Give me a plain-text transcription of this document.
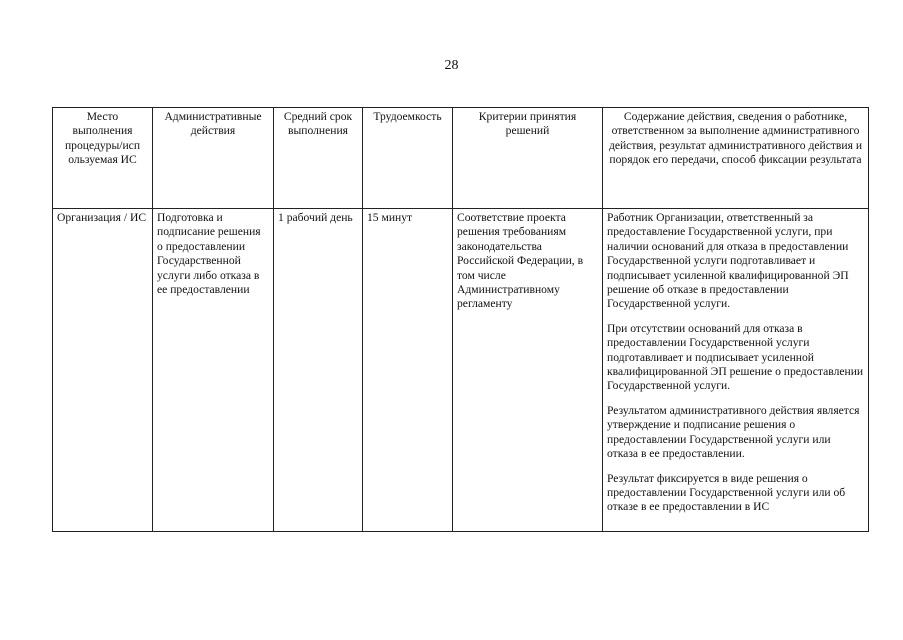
28
Место выполнения процедуры/исп ользуемая ИС	Административные действия	Средний срок выполнения	Трудоемкость	Критерии принятия решений	Содержание действия, сведения о работнике, ответственном за выполнение административного действия, результат административного действия и порядок его передачи, способ фиксации результата
Организация / ИС	Подготовка и подписание решения о предоставлении Государственной услуги либо отказа в ее предоставлении	1 рабочий день	15 минут	Соответствие проекта решения требованиям законодательства Российской Федерации, в том числе Административному регламенту	Работник Организации, ответственный за предоставление Государственной услуги, при наличии оснований для отказа в предоставлении Государственной услуги подготавливает и подписывает усиленной квалифицированной ЭП решение об отказе в предоставлении Государственной услуги.
При отсутствии оснований для отказа в предоставлении Государственной услуги подготавливает и подписывает усиленной квалифицированной ЭП решение о предоставлении Государственной услуги.
Результатом административного действия является утверждение и подписание решения о предоставлении Государственной услуги или отказа в ее предоставлении.
Результат фиксируется в виде решения о предоставлении Государственной услуги или об отказе в ее предоставлении в ИС
